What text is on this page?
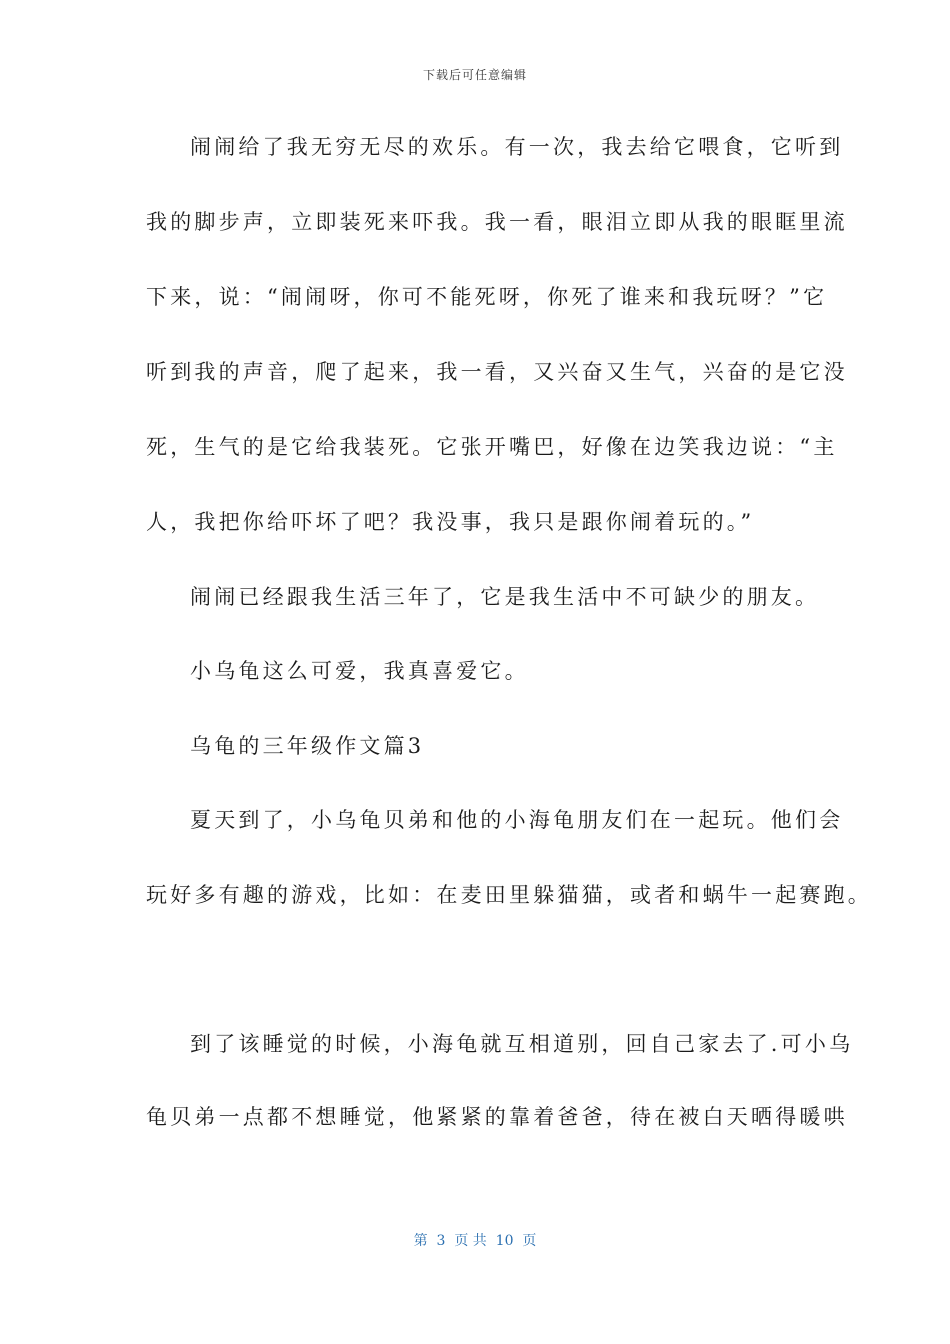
下载后可任意编辑
闹闹给了我无穷无尽的欢乐。有一次，我去给它喂食，它听到
我的脚步声，立即装死来吓我。我一看，眼泪立即从我的眼眶里流
下来，说：“闹闹呀，你可不能死呀，你死了谁来和我玩呀？”它
听到我的声音，爬了起来，我一看，又兴奋又生气，兴奋的是它没
死，生气的是它给我装死。它张开嘴巴，好像在边笑我边说：“主
人，我把你给吓坏了吧？我没事，我只是跟你闹着玩的。”
闹闹已经跟我生活三年了，它是我生活中不可缺少的朋友。
小乌龟这么可爱，我真喜爱它。
乌龟的三年级作文篇3
夏天到了，小乌龟贝弟和他的小海龟朋友们在一起玩。他们会
玩好多有趣的游戏，比如：在麦田里躲猫猫，或者和蜗牛一起赛跑。
到了该睡觉的时候，小海龟就互相道别，回自己家去了.可小乌
龟贝弟一点都不想睡觉，他紧紧的靠着爸爸，待在被白天晒得暖哄
第  3  页 共  10  页
